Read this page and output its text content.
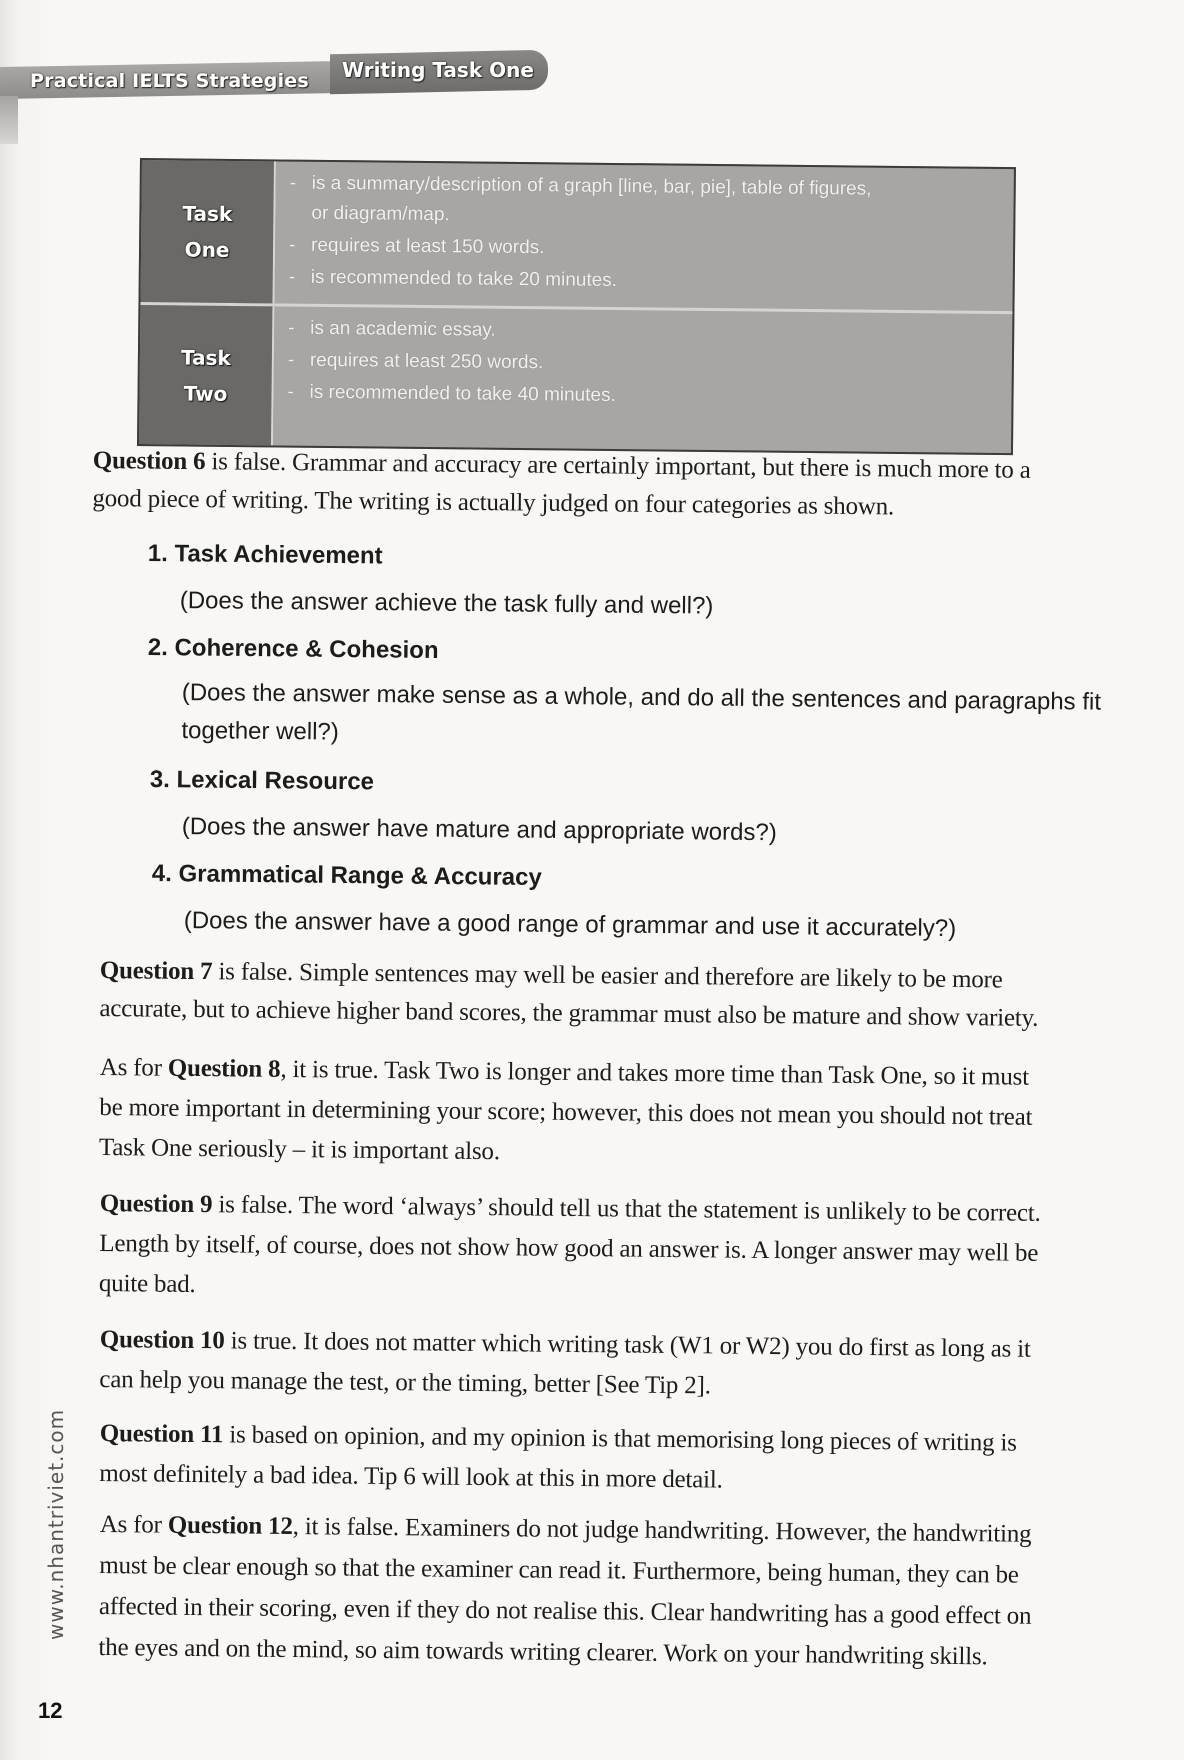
Practical IELTS Strategies Writing Task One
Task
One
- is a summary/description of a graph [line, bar, pie], table of figures,
or diagram/map.
- requires at least 150 words.
- is recommended to take 20 minutes.
Task
Two
- is an academic essay.
- requires at least 250 words.
- is recommended to take 40 minutes.
Question 6 is false. Grammar and accuracy are certainly important, but there is much more to a
good piece of writing. The writing is actually judged on four categories as shown.
1. Task Achievement
(Does the answer achieve the task fully and well?)
2. Coherence & Cohesion
(Does the answer make sense as a whole, and do all the sentences and paragraphs fit
together well?)
3. Lexical Resource
(Does the answer have mature and appropriate words?)
4. Grammatical Range & Accuracy
(Does the answer have a good range of grammar and use it accurately?)
Question 7 is false. Simple sentences may well be easier and therefore are likely to be more
accurate, but to achieve higher band scores, the grammar must also be mature and show variety.
As for Question 8, it is true. Task Two is longer and takes more time than Task One, so it must
be more important in determining your score; however, this does not mean you should not treat
Task One seriously – it is important also.
Question 9 is false. The word ‘always’ should tell us that the statement is unlikely to be correct.
Length by itself, of course, does not show how good an answer is. A longer answer may well be
quite bad.
Question 10 is true. It does not matter which writing task (W1 or W2) you do first as long as it
can help you manage the test, or the timing, better [See Tip 2].
Question 11 is based on opinion, and my opinion is that memorising long pieces of writing is
most definitely a bad idea. Tip 6 will look at this in more detail.
As for Question 12, it is false. Examiners do not judge handwriting. However, the handwriting
must be clear enough so that the examiner can read it. Furthermore, being human, they can be
affected in their scoring, even if they do not realise this. Clear handwriting has a good effect on
the eyes and on the mind, so aim towards writing clearer. Work on your handwriting skills.
www.nhantriviet.com
12
